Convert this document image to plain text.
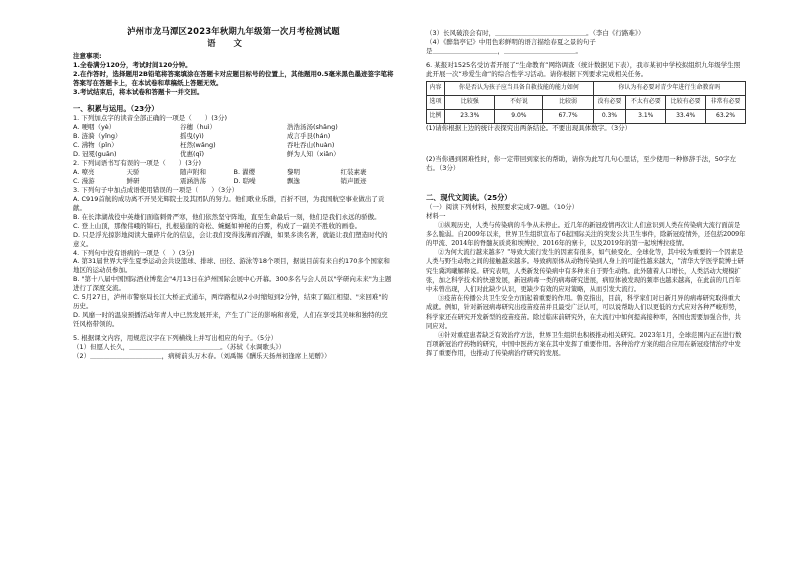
泸州市龙马潭区2023年秋期九年级第一次月考检测试题
语文
注意事项:
1.全卷满分120分，考试时间120分钟。
2.在作答时，选择题用2B铅笔将答案填涂在答题卡对应题目标号的位置上，其他题用0.5毫米黑色墨迹签字笔将答案写在答题卡上，在本试卷和草稿纸上答题无效。
3.考试结束后，将本试卷和答题卡一并交回。
一、积累与运用。（23分）
1. 下列加点字的读音全部正确的一项是（　　）(3分)
A. 哽咽（yè）	谷穗（huì）	浩浩汤汤(shāng)
B. 涟漪（yǐng）	摇曳(yì)	成言乎艮(hán)
C. 沸物（pǐn）	枉然(wǎng)	吞吐吞山(huàn)
D. 冠冕(guān)	优惠(qī)	鲜为人知（xiǎn）
2. 下列词语书写有误的一项是（　　）(3分)
A. 嘹亮	天骄	随声附和	B. 濯缨	黎明	红装素裹
C. 漫游	鲜研	震涵浩荡	D. 聒噪	飘逸	销声匿迹
3. 下列句子中加点成语使用错误的一项是（　　）（3分）
A. C919首航的成功离不开吴光辉院士及其团队的努力。他们歌业乐群，百折不回，为我国航空事业做出了贡献。
B. 在长津湖战役中英雄们面临刺骨严寒，他们依然坚守阵地，直至生命最后一刻，他们是我们永远的骄傲。
C. 登上山顶，那像伟峨的锦石，扎根悬崖的奇松、蜿蜒如神秘的白雾，构成了一副美不胜收的画卷。
D. 只是浮光掠影地阅读大量碎片化的信息，会让我们变得浅薄而浮躁，如果多读名著，就能让我们塑造时代的意义。
4. 下列句中没有语病的一项是（　）(3分)
A. 第31届世界大学生夏季运动会共设篮球、排球、田径、游泳等18个项目，据说目前有来自约170多个国家和地区的运动员参加。
B. "第十八届中国国际酒业博览会"4月13日在泸州国际会展中心开幕。300多名与会人员以"学研向未来"为主题进行了深度交流。
C. 5月27日，泸州市警察局长江大桥正式通车，两岸路程从2小时缩短到2分钟，结束了隔江相望、"来回难"的历史。
D. 风靡一时的温泉预播活动年青人中已然发展开来，产生了广泛的影响和喜爱，人们在享受其美味和独特的烹饪风格带领的。
5. 根据课文内容，用规范汉字在下列横线上并写出相应的句子。（5分）
（1）但愿人长久，＿＿＿＿＿＿＿＿＿＿＿＿＿＿。（苏轼《水调歌头》）
（2）＿＿＿＿＿＿＿＿＿＿＿，病树前头万木春。（刘禹锡《酬乐天扬州初逢席上见赠》）
（3）长风破浪会有时，＿＿＿＿＿＿＿＿＿＿＿＿＿＿。（李白《行路难》）
（4）《醉翁亭记》中用色彩鲜明的语言描绘春夏之景的句子
是＿＿＿＿＿＿＿＿＿＿，＿＿＿＿＿＿＿＿＿＿＿。
6. 某报对1525名受访者开展了“生命教育”网络调查（统计数据见下表），我市某初中学校拟组织九年级学生照此开展一次“珍爱生命”的综合性学习活动。请你根据下列要求完成相关任务。
内容	你是否认为孩子应当具备自救技能的能力如何			你认为有必要对青少年进行生命教育吗			
选项	比较强	不好说	比较弱	没有必要	不太有必要	比较有必要	非常有必要
比例	23.3%	9.0%	67.7%	0.3%	3.1%	33.4%	63.2%
(1)请你根据上边的统计表探究出两条结论。不要出现具体数字。（3分）
(2)当你遇到困难性时，你一定带回到家长的帮助，请你为此写几句心里话，至少使用一种修辞手法，50字左右。（3分）
二、现代文阅读。（25分）
（一）阅读下列材料，按照要求完成7-9题。（10分）
材料一
①纵观历史，人类与传染病的斗争从未停止。近几年的新冠疫情再次让人们意识到人类在传染病大流行面前是多么脆弱。自2009年以来，世界卫生组织宣布了6起国际关注的突发公共卫生事件，除新冠疫情外，还包括2009年的甲流、2014年的脊髓灰质炎和埃博拉、2016年的寨卡，以及2019年的第一起埃博拉疫情。
②为何大流行越来越多？"导致大流行发生的因素有很多，如气候变化、全球化等，其中较为重要的一个因素是人类与野生动物之间的接触越来越多。导致病原体从动物传染到人身上的可能性越来越大，"清华大学医学院博士研究生冀鸿曦解释说。研究表明，人类新发传染病中有多种来自于野生动物。此外随着人口增长，人类活动大规模扩张，加之科学技术的快速发展，新冠病毒一类的病毒研究进展，病原体被发现的频率也越来越高，在此前的几百年中未曾出现，人们对此缺少认识，更缺少有效的应对策略，从而引发大流行。
③疫苗在传播公共卫生安全方面起着重要的作用。鲁克指出，目前，科学家们对日新月异的病毒研究取得重大成就。例如，针对新冠病毒研究出疫苗疫苗并且最受广泛认可，可以说帮助人们以更低的方式应对各种严峻形势，科学家还在研究开发新型的疫苗疫苗。除过临床前研究外，在大流行中如何提高接种率，各国也需要加强合作，共同应对。
④针对重症患者缺乏有效治疗方法，世界卫生组织也积极推动相关研究。2023年1月，全球范围内正在进行数百项新冠治疗药物的研究，中国中医药方案在其中发挥了重要作用。各种治疗方案的组合应用在新冠疫情治疗中发挥了重要作用，也推动了传染病治疗研究的发展。
